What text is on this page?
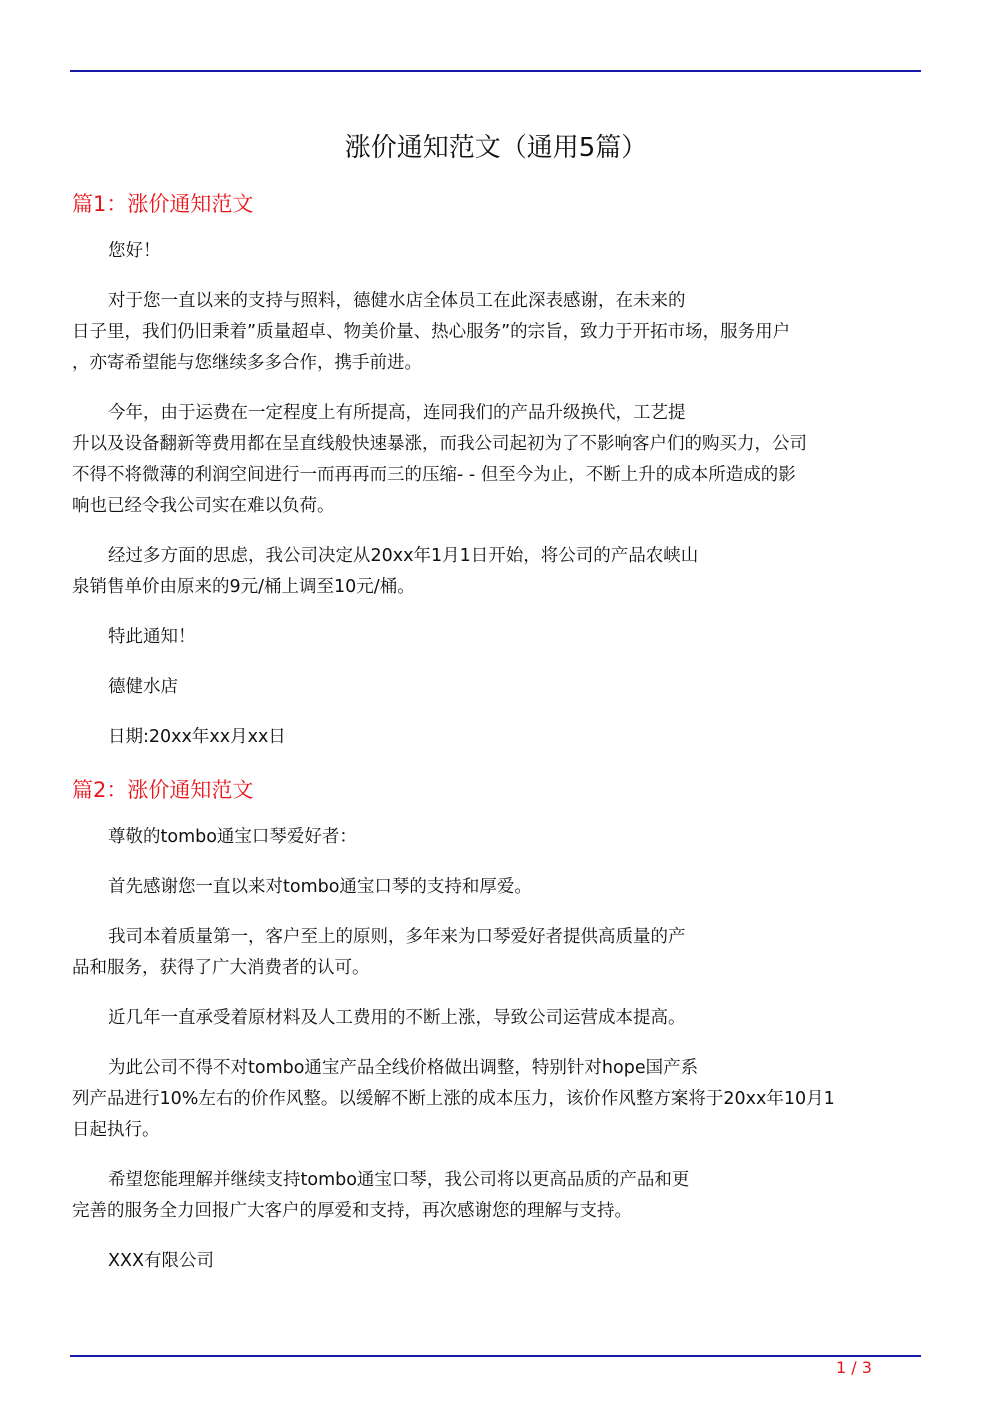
涨价通知范文（通用5篇）
篇1：涨价通知范文
您好！
对于您一直以来的支持与照料，德健水店全体员工在此深表感谢，在未来的
日子里，我们仍旧秉着”质量超卓、物美价量、热心服务”的宗旨，致力于开拓市场，服务用户
，亦寄希望能与您继续多多合作，携手前进。
今年，由于运费在一定程度上有所提高，连同我们的产品升级换代，工艺提
升以及设备翻新等费用都在呈直线般快速暴涨，而我公司起初为了不影响客户们的购买力，公司
不得不将微薄的利润空间进行一而再再而三的压缩- - 但至今为止，不断上升的成本所造成的影
响也已经令我公司实在难以负荷。
经过多方面的思虑，我公司决定从20xx年1月1日开始，将公司的产品农峡山
泉销售单价由原来的9元/桶上调至10元/桶。
特此通知！
德健水店
日期:20xx年xx月xx日
篇2：涨价通知范文
尊敬的tombo通宝口琴爱好者：
首先感谢您一直以来对tombo通宝口琴的支持和厚爱。
我司本着质量第一，客户至上的原则，多年来为口琴爱好者提供高质量的产
品和服务，获得了广大消费者的认可。
近几年一直承受着原材料及人工费用的不断上涨，导致公司运营成本提高。
为此公司不得不对tombo通宝产品全线价格做出调整，特别针对hope国产系
列产品进行10%左右的价作风整。以缓解不断上涨的成本压力，该价作风整方案将于20xx年10月1
日起执行。
希望您能理解并继续支持tombo通宝口琴，我公司将以更高品质的产品和更
完善的服务全力回报广大客户的厚爱和支持，再次感谢您的理解与支持。
XXX有限公司
1 / 3
